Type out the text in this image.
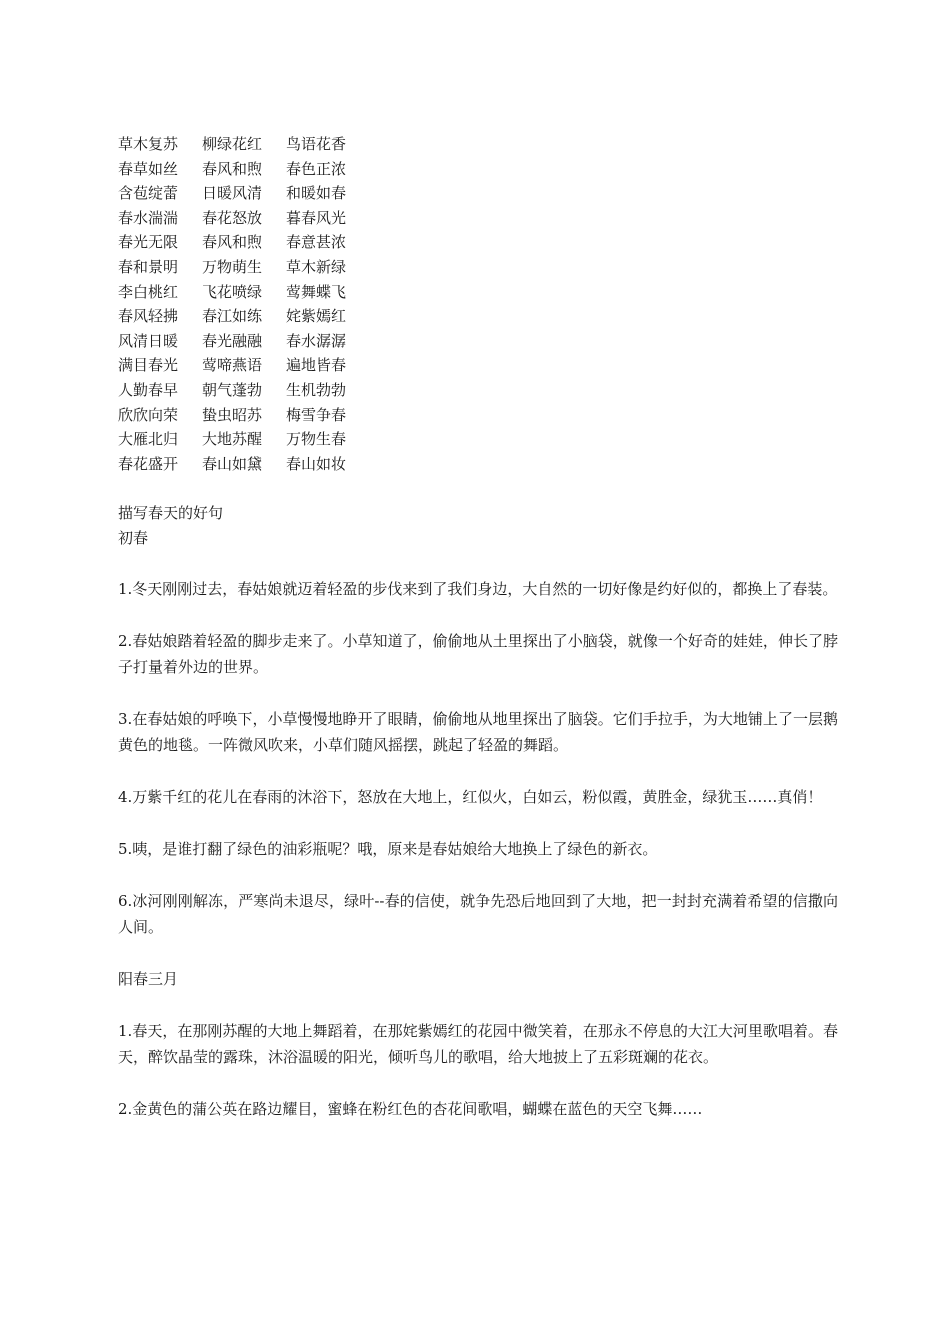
草木复苏	柳绿花红	鸟语花香
春草如丝	春风和煦	春色正浓
含苞绽蕾	日暖风清	和暖如春
春水湍湍	春花怒放	暮春风光
春光无限	春风和煦	春意甚浓
春和景明	万物萌生	草木新绿
李白桃红	飞花喷绿	莺舞蝶飞
春风轻拂	春江如练	姹紫嫣红
风清日暖	春光融融	春水潺潺
满目春光	莺啼燕语	遍地皆春
人勤春早	朝气蓬勃	生机勃勃
欣欣向荣	蛰虫昭苏	梅雪争春
大雁北归	大地苏醒	万物生春
春花盛开	春山如黛	春山如妆
描写春天的好句
初春

1.冬天刚刚过去，春姑娘就迈着轻盈的步伐来到了我们身边，大自然的一切好像是约好似的，都换上了春装。

2.春姑娘踏着轻盈的脚步走来了。小草知道了，偷偷地从土里探出了小脑袋，就像一个好奇的娃娃，伸长了脖子打量着外边的世界。

3.在春姑娘的呼唤下，小草慢慢地睁开了眼睛，偷偷地从地里探出了脑袋。它们手拉手，为大地铺上了一层鹅黄色的地毯。一阵微风吹来，小草们随风摇摆，跳起了轻盈的舞蹈。

4.万紫千红的花儿在春雨的沐浴下，怒放在大地上，红似火，白如云，粉似霞，黄胜金，绿犹玉……真俏！

5.咦，是谁打翻了绿色的油彩瓶呢？哦，原来是春姑娘给大地换上了绿色的新衣。

6.冰河刚刚解冻，严寒尚未退尽，绿叶--春的信使，就争先恐后地回到了大地，把一封封充满着希望的信撒向人间。

阳春三月

1.春天，在那刚苏醒的大地上舞蹈着，在那姹紫嫣红的花园中微笑着，在那永不停息的大江大河里歌唱着。春天，醉饮晶莹的露珠，沐浴温暖的阳光，倾听鸟儿的歌唱，给大地披上了五彩斑斓的花衣。

2.金黄色的蒲公英在路边耀目，蜜蜂在粉红色的杏花间歌唱，蝴蝶在蓝色的天空飞舞……
